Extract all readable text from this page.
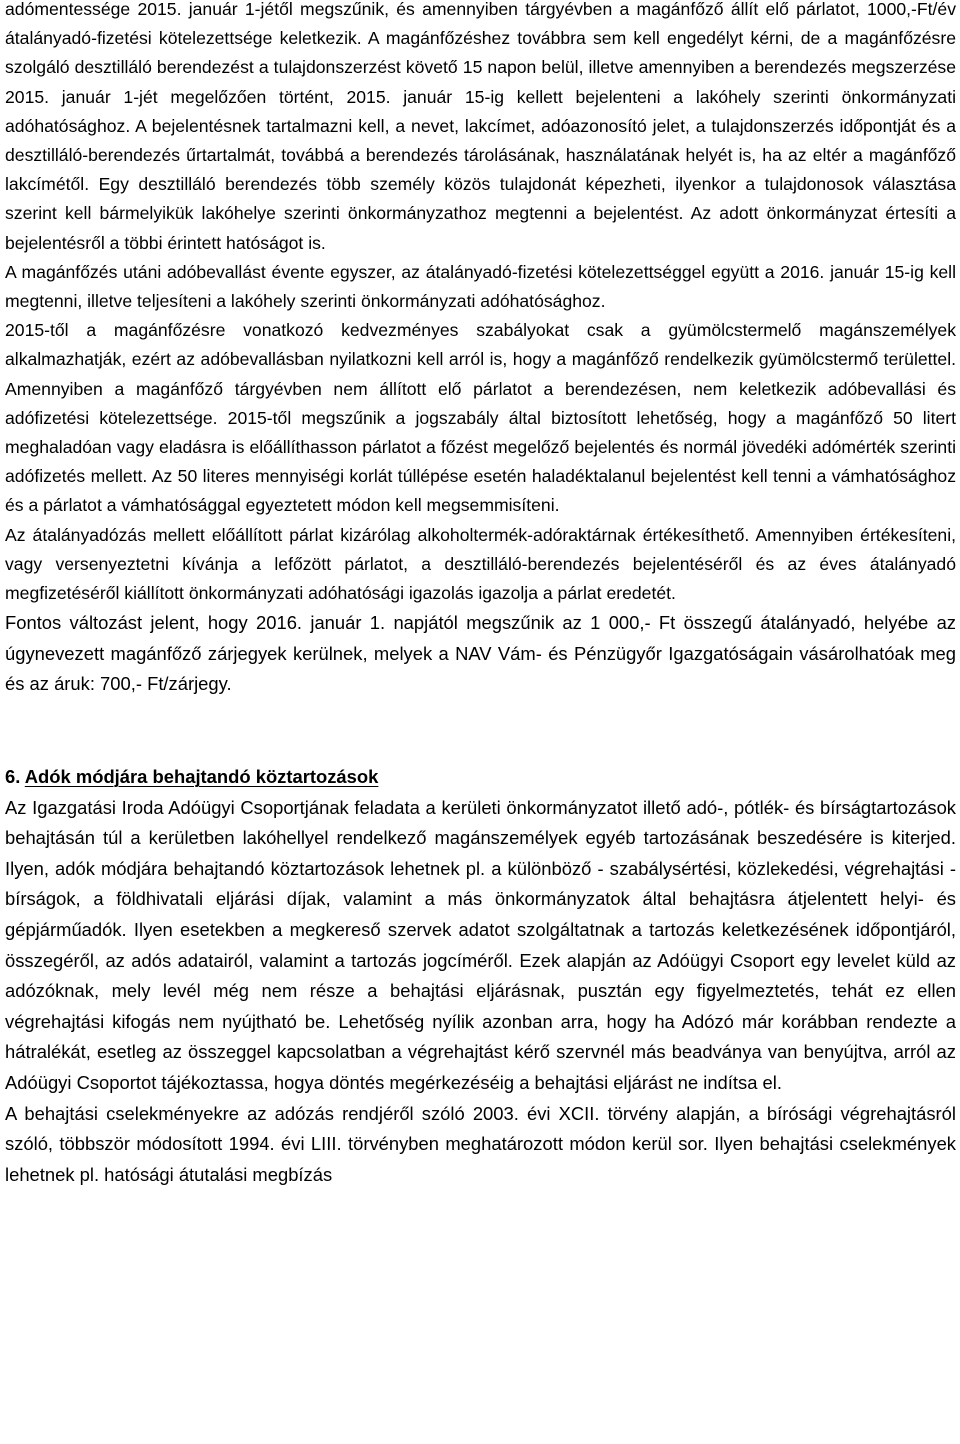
adómentessége 2015. január 1-jétől megszűnik, és amennyiben tárgyévben a magánfőző állít elő párlatot, 1000,-Ft/év átalányadó-fizetési kötelezettsége keletkezik. A magánfőzéshez továbbra sem kell engedélyt kérni, de a magánfőzésre szolgáló desztilláló berendezést a tulajdonszerzést követő 15 napon belül, illetve amennyiben a berendezés megszerzése 2015. január 1-jét megelőzően történt, 2015. január 15-ig kellett bejelenteni a lakóhely szerinti önkormányzati adóhatósághoz. A bejelentésnek tartalmazni kell, a nevet, lakcímet, adóazonosító jelet, a tulajdonszerzés időpontját és a desztilláló-berendezés űrtartalmát, továbbá a berendezés tárolásának, használatának helyét is, ha az eltér a magánfőző lakcímétől. Egy desztilláló berendezés több személy közös tulajdonát képezheti, ilyenkor a tulajdonosok választása szerint kell bármelyikük lakóhelye szerinti önkormányzathoz megtenni a bejelentést. Az adott önkormányzat értesíti a bejelentésről a többi érintett hatóságot is.

A magánfőzés utáni adóbevallást évente egyszer, az átalányadó-fizetési kötelezettséggel együtt a 2016. január 15-ig kell megtenni, illetve teljesíteni a lakóhely szerinti önkormányzati adóhatósághoz.

2015-től a magánfőzésre vonatkozó kedvezményes szabályokat csak a gyümölcstermelő magánszemélyek alkalmazhatják, ezért az adóbevallásban nyilatkozni kell arról is, hogy a magánfőző rendelkezik gyümölcstermő területtel. Amennyiben a magánfőző tárgyévben nem állított elő párlatot a berendezésen, nem keletkezik adóbevallási és adófizetési kötelezettsége. 2015-től megszűnik a jogszabály által biztosított lehetőség, hogy a magánfőző 50 litert meghaladóan vagy eladásra is előállíthasson párlatot a főzést megelőző bejelentés és normál jövedéki adómérték szerinti adófizetés mellett. Az 50 literes mennyiségi korlát túllépése esetén haladéktalanul bejelentést kell tenni a vámhatósághoz és a párlatot a vámhatósággal egyeztetett módon kell megsemmisíteni.

Az átalányadózás mellett előállított párlat kizárólag alkoholtermék-adóraktárnak értékesíthető. Amennyiben értékesíteni, vagy versenyeztetni kívánja a lefőzött párlatot, a desztilláló-berendezés bejelentéséről és az éves átalányadó megfizetéséről kiállított önkormányzati adóhatósági igazolás igazolja a párlat eredetét.

Fontos változást jelent, hogy 2016. január 1. napjától megszűnik az 1 000,- Ft összegű átalányadó, helyébe az úgynevezett magánfőző zárjegyek kerülnek, melyek a NAV Vám- és Pénzügyőr Igazgatóságain vásárolhatóak meg és az áruk: 700,- Ft/zárjegy.

6. Adók módjára behajtandó köztartozások

Az Igazgatási Iroda Adóügyi Csoportjának feladata a kerületi önkormányzatot illető adó-, pótlék- és bírságtartozások behajtásán túl a kerületben lakóhellyel rendelkező magánszemélyek egyéb tartozásának beszedésére is kiterjed. Ilyen, adók módjára behajtandó köztartozások lehetnek pl. a különböző - szabálysértési, közlekedési, végrehajtási - bírságok, a földhivatali eljárási díjak, valamint a más önkormányzatok által behajtásra átjelentett helyi- és gépjárműadók. Ilyen esetekben a megkereső szervek adatot szolgáltatnak a tartozás keletkezésének időpontjáról, összegéről, az adós adatairól, valamint a tartozás jogcíméről. Ezek alapján az Adóügyi Csoport egy levelet küld az adózóknak, mely levél még nem része a behajtási eljárásnak, pusztán egy figyelmeztetés, tehát ez ellen végrehajtási kifogás nem nyújtható be. Lehetőség nyílik azonban arra, hogy ha Adózó már korábban rendezte a hátralékát, esetleg az összeggel kapcsolatban a végrehajtást kérő szervnél más beadványa van benyújtva, arról az Adóügyi Csoportot tájékoztassa, hogya döntés megérkezéséig a behajtási eljárást ne indítsa el.

A behajtási cselekményekre az adózás rendjéről szóló 2003. évi XCII. törvény alapján, a bírósági végrehajtásról szóló, többször módosított 1994. évi LIII. törvényben meghatározott módon kerül sor. Ilyen behajtási cselekmények lehetnek pl. hatósági átutalási megbízás
